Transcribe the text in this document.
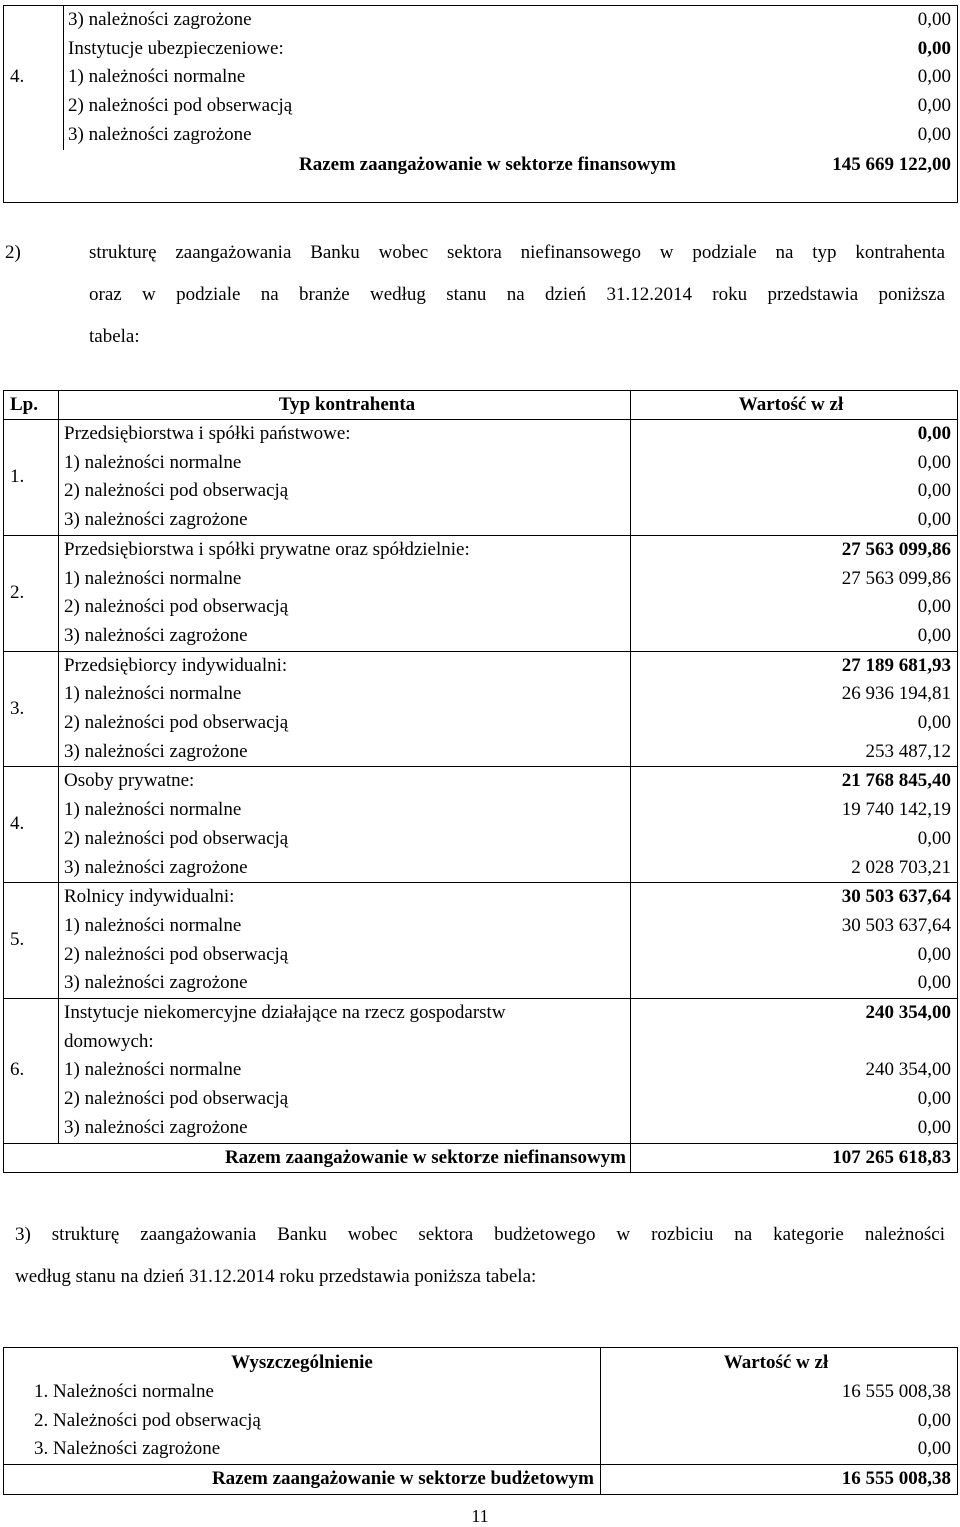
4.	3) należności zagrożone	0,00
	Instytucje ubezpieczeniowe:	0,00
	1) należności normalne	0,00
	2) należności pod obserwacją	0,00
	3) należności zagrożone	0,00
Razem zaangażowanie w sektorze finansowym		145 669 122,00
2)	strukturę zaangażowania Banku wobec sektora niefinansowego w podziale na typ kontrahenta
oraz w podziale na branże według stanu na dzień 31.12.2014 roku przedstawia poniższa
tabela:
Lp.	Typ kontrahenta	Wartość w zł
1.	Przedsiębiorstwa i spółki państwowe:	0,00
	1) należności normalne	0,00
	2) należności pod obserwacją	0,00
	3) należności zagrożone	0,00
2.	Przedsiębiorstwa i spółki prywatne oraz spółdzielnie:	27 563 099,86
	1) należności normalne	27 563 099,86
	2) należności pod obserwacją	0,00
	3) należności zagrożone	0,00
3.	Przedsiębiorcy indywidualni:	27 189 681,93
	1) należności normalne	26 936 194,81
	2) należności pod obserwacją	0,00
	3) należności zagrożone	253 487,12
4.	Osoby prywatne:	21 768 845,40
	1) należności normalne	19 740 142,19
	2) należności pod obserwacją	0,00
	3) należności zagrożone	2 028 703,21
5.	Rolnicy indywidualni:	30 503 637,64
	1) należności normalne	30 503 637,64
	2) należności pod obserwacją	0,00
	3) należności zagrożone	0,00
6.	Instytucje niekomercyjne działające na rzecz gospodarstw	240 354,00
	domowych:	
	1) należności normalne	240 354,00
	2) należności pod obserwacją	0,00
	3) należności zagrożone	0,00
Razem zaangażowanie w sektorze niefinansowym		107 265 618,83
3) strukturę zaangażowania Banku wobec sektora budżetowego w rozbiciu na kategorie należności
według stanu na dzień 31.12.2014 roku przedstawia poniższa tabela:
Wyszczególnienie	Wartość w zł
1. Należności normalne	16 555 008,38
2. Należności pod obserwacją	0,00
3. Należności zagrożone	0,00
Razem zaangażowanie w sektorze budżetowym	16 555 008,38
11
